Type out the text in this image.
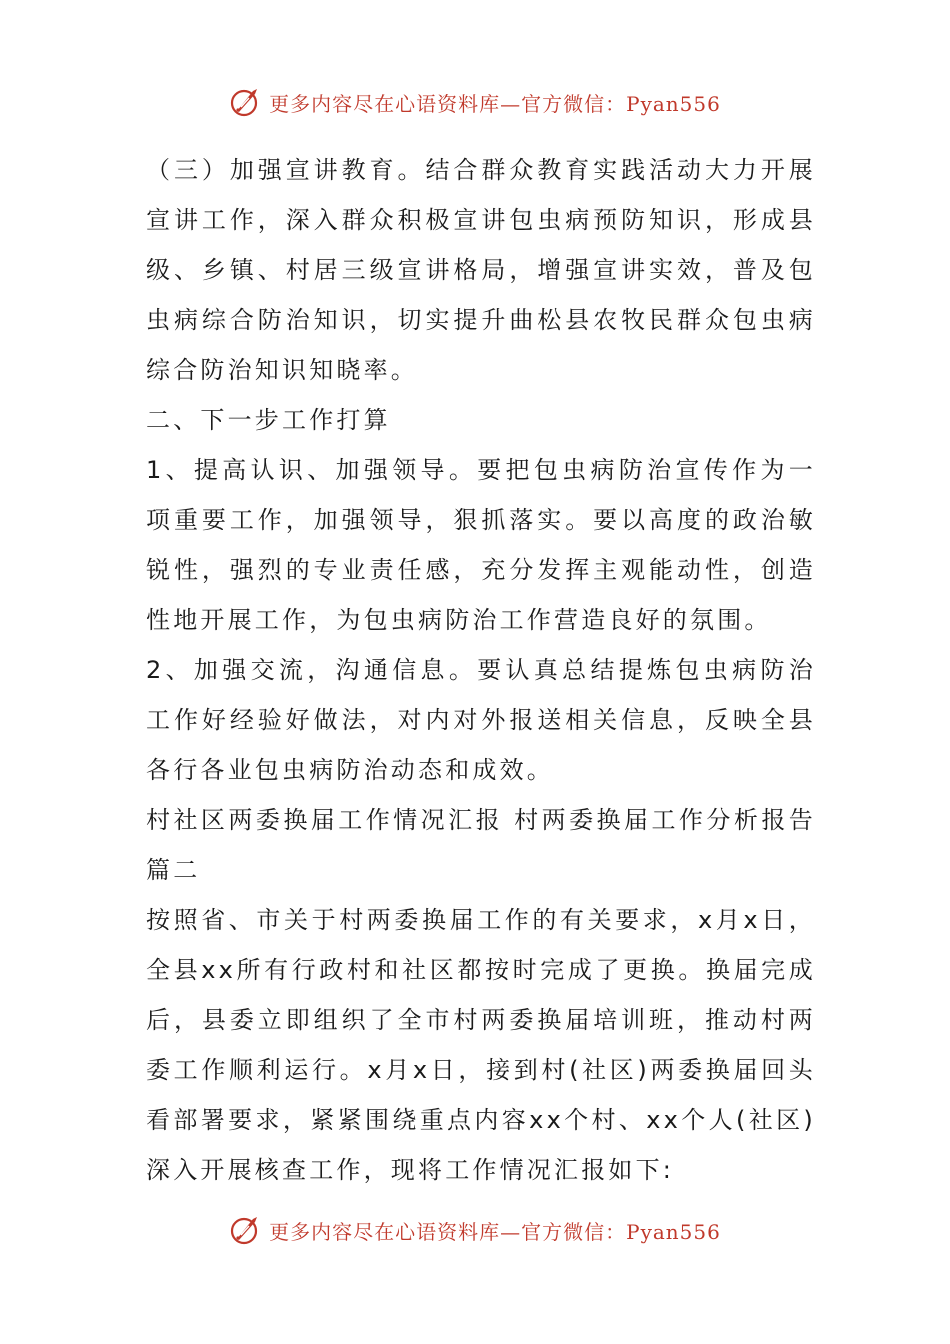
更多内容尽在心语资料库—官方微信：Pyan556

（三）加强宣讲教育。结合群众教育实践活动大力开展宣讲工作，深入群众积极宣讲包虫病预防知识，形成县级、乡镇、村居三级宣讲格局，增强宣讲实效，普及包虫病综合防治知识，切实提升曲松县农牧民群众包虫病综合防治知识知晓率。

二、下一步工作打算

1、提高认识、加强领导。要把包虫病防治宣传作为一项重要工作，加强领导，狠抓落实。要以高度的政治敏锐性，强烈的专业责任感，充分发挥主观能动性，创造性地开展工作，为包虫病防治工作营造良好的氛围。

2、加强交流，沟通信息。要认真总结提炼包虫病防治工作好经验好做法，对内对外报送相关信息，反映全县各行各业包虫病防治动态和成效。

村社区两委换届工作情况汇报 村两委换届工作分析报告篇二

按照省、市关于村两委换届工作的有关要求，x月x日，全县xx所有行政村和社区都按时完成了更换。换届完成后，县委立即组织了全市村两委换届培训班，推动村两委工作顺利运行。x月x日，接到村(社区)两委换届回头看部署要求，紧紧围绕重点内容xx个村、xx个人(社区)深入开展核查工作，现将工作情况汇报如下:

更多内容尽在心语资料库—官方微信：Pyan556
